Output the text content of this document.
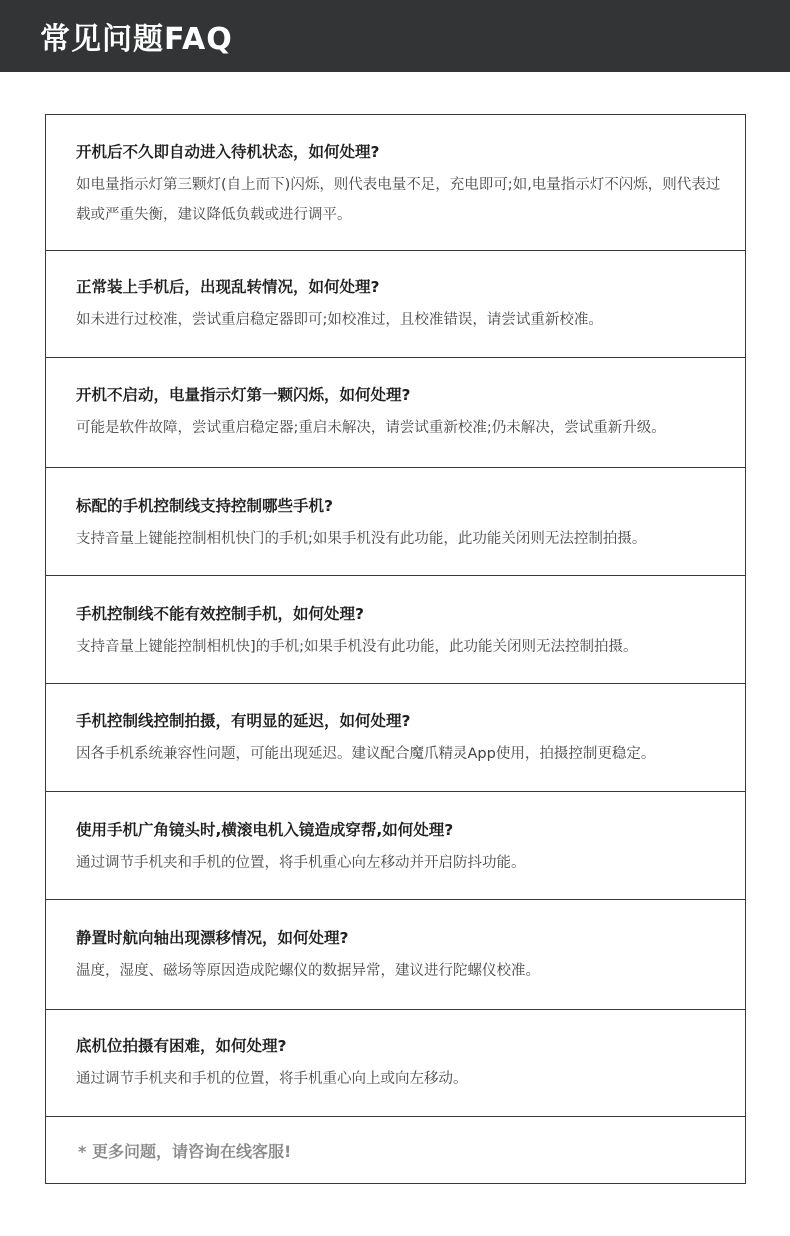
常见问题FAQ
开机后不久即自动进入待机状态，如何处理?
如电量指示灯第三颗灯(自上而下)闪烁，则代表电量不足，充电即可;如,电量指示灯不闪烁，则代表过载或严重失衡，建议降低负载或进行调平。
正常装上手机后，出现乱转情况，如何处理?
如未进行过校准，尝试重启稳定器即可;如校准过，且校准错误，请尝试重新校准。
开机不启动，电量指示灯第一颗闪烁，如何处理?
可能是软件故障，尝试重启稳定器;重启未解决，请尝试重新校准;仍未解决，尝试重新升级。
标配的手机控制线支持控制哪些手机?
支持音量上键能控制相机快门的手机;如果手机没有此功能，此功能关闭则无法控制拍摄。
手机控制线不能有效控制手机，如何处理?
支持音量上键能控制相机快]的手机;如果手机没有此功能，此功能关闭则无法控制拍摄。
手机控制线控制拍摄，有明显的延迟，如何处理?
因各手机系统兼容性问题，可能出现延迟。建议配合魔爪精灵App使用，拍摄控制更稳定。
使用手机广角镜头时,横滚电机入镜造成穿帮,如何处理?
通过调节手机夹和手机的位置，将手机重心向左移动并开启防抖功能。
静置时航向轴出现漂移情况，如何处理?
温度，湿度、磁场等原因造成陀螺仪的数据异常，建议进行陀螺仪校准。
底机位拍摄有困难，如何处理?
通过调节手机夹和手机的位置，将手机重心向上或向左移动。
* 更多问题，请咨询在线客服!
